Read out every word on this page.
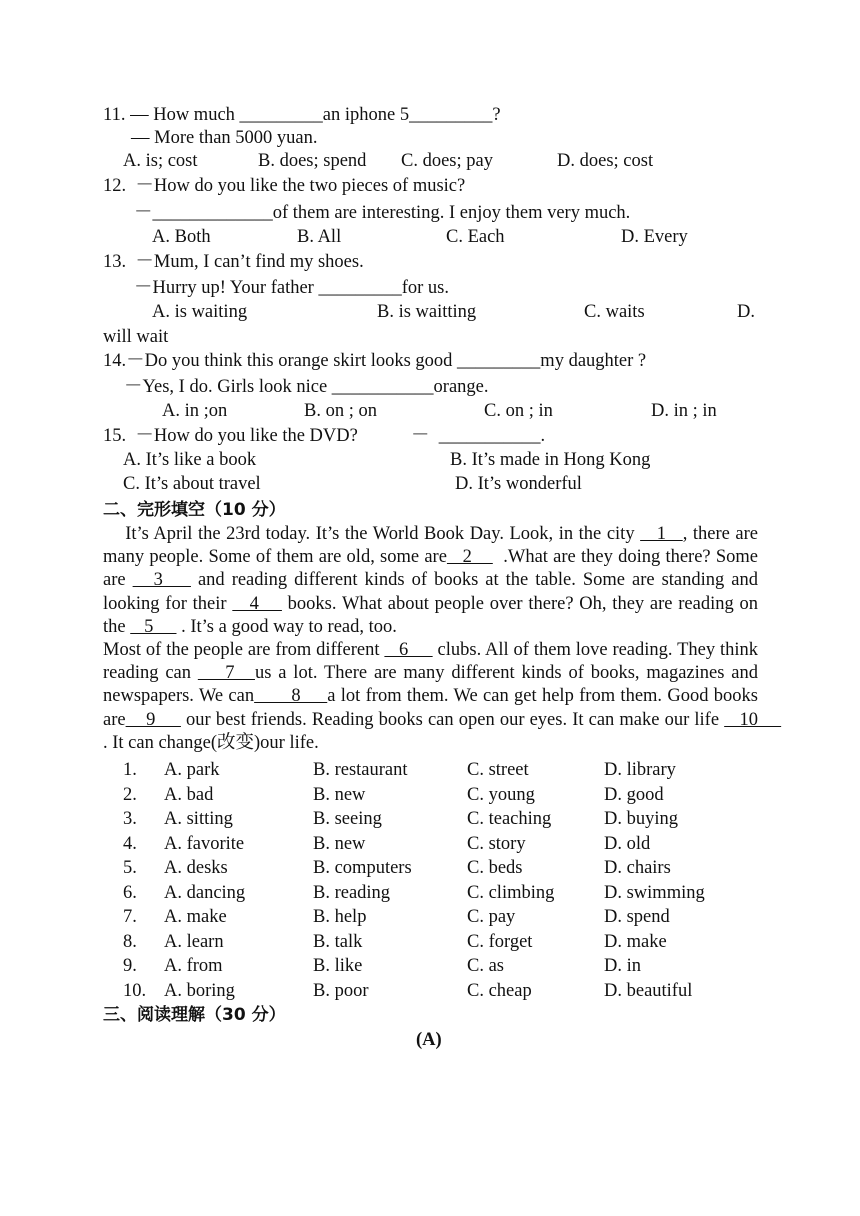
11. — How much _________an iphone 5_________?
— More than 5000 yuan.

A. is; cost

	B. does; spend

C. does; pay

	D. does; cost

12. －How do you like the two pieces of music?
－_____________of them are interesting. I enjoy them very much.

A. Both

	B. All

	C. Each

	D. Every

13. －Mum, I can’t find my shoes.
－Hurry up! Your father _________for us.

A. is waiting

	B. is waitting

	C. waits

	D.

will wait
14.－Do you think this orange skirt looks good _________my daughter ?
－Yes, I do. Girls look nice ___________orange.

A. in ;on

	B. on ; on

	C. on ; in

	D. in ; in

15. －How do you like the DVD?	－  ___________.

A. It’s like a book

	B. It’s made in Hong Kong

C. It’s about travel

	D. It’s wonderful

二、完形填空（10 分）

It’s April the 23rd today. It’s the World Book Day. Look, in the city    1   , there are many people. Some of them are old, some are   2      .What are they doing there? Some are    3     and reading different kinds of books at the table. Some are standing and looking for their    4     books. What about people over there? Oh, they are reading on the    5      . It’s a good way to read, too.

Most of the people are from different    6      clubs. All of them love reading. They think reading can     7   us a lot. There are many different kinds of books, magazines and newspapers. We can       8     a lot from them. We can get help from them. Good books are    9      our best friends. Reading books can open our eyes. It can make our life    10      . It can change(改变)our life.

1. A. park	B. restaurant	C. street	D. library
2. A. bad	B. new	C. young	D. good
3. A. sitting	B. seeing	C. teaching	D. buying
4. A. favorite	B. new	C. story	D. old
5. A. desks	B. computers	C. beds	D. chairs
6. A. dancing	B. reading	C. climbing	D. swimming
7. A. make	B. help	C. pay	D. spend
8. A. learn	B. talk	C. forget	D. make
9. A. from	B. like	C. as	D. in
10. A. boring	B. poor	C. cheap	D. beautiful
三、阅读理解（30 分）
(A)
